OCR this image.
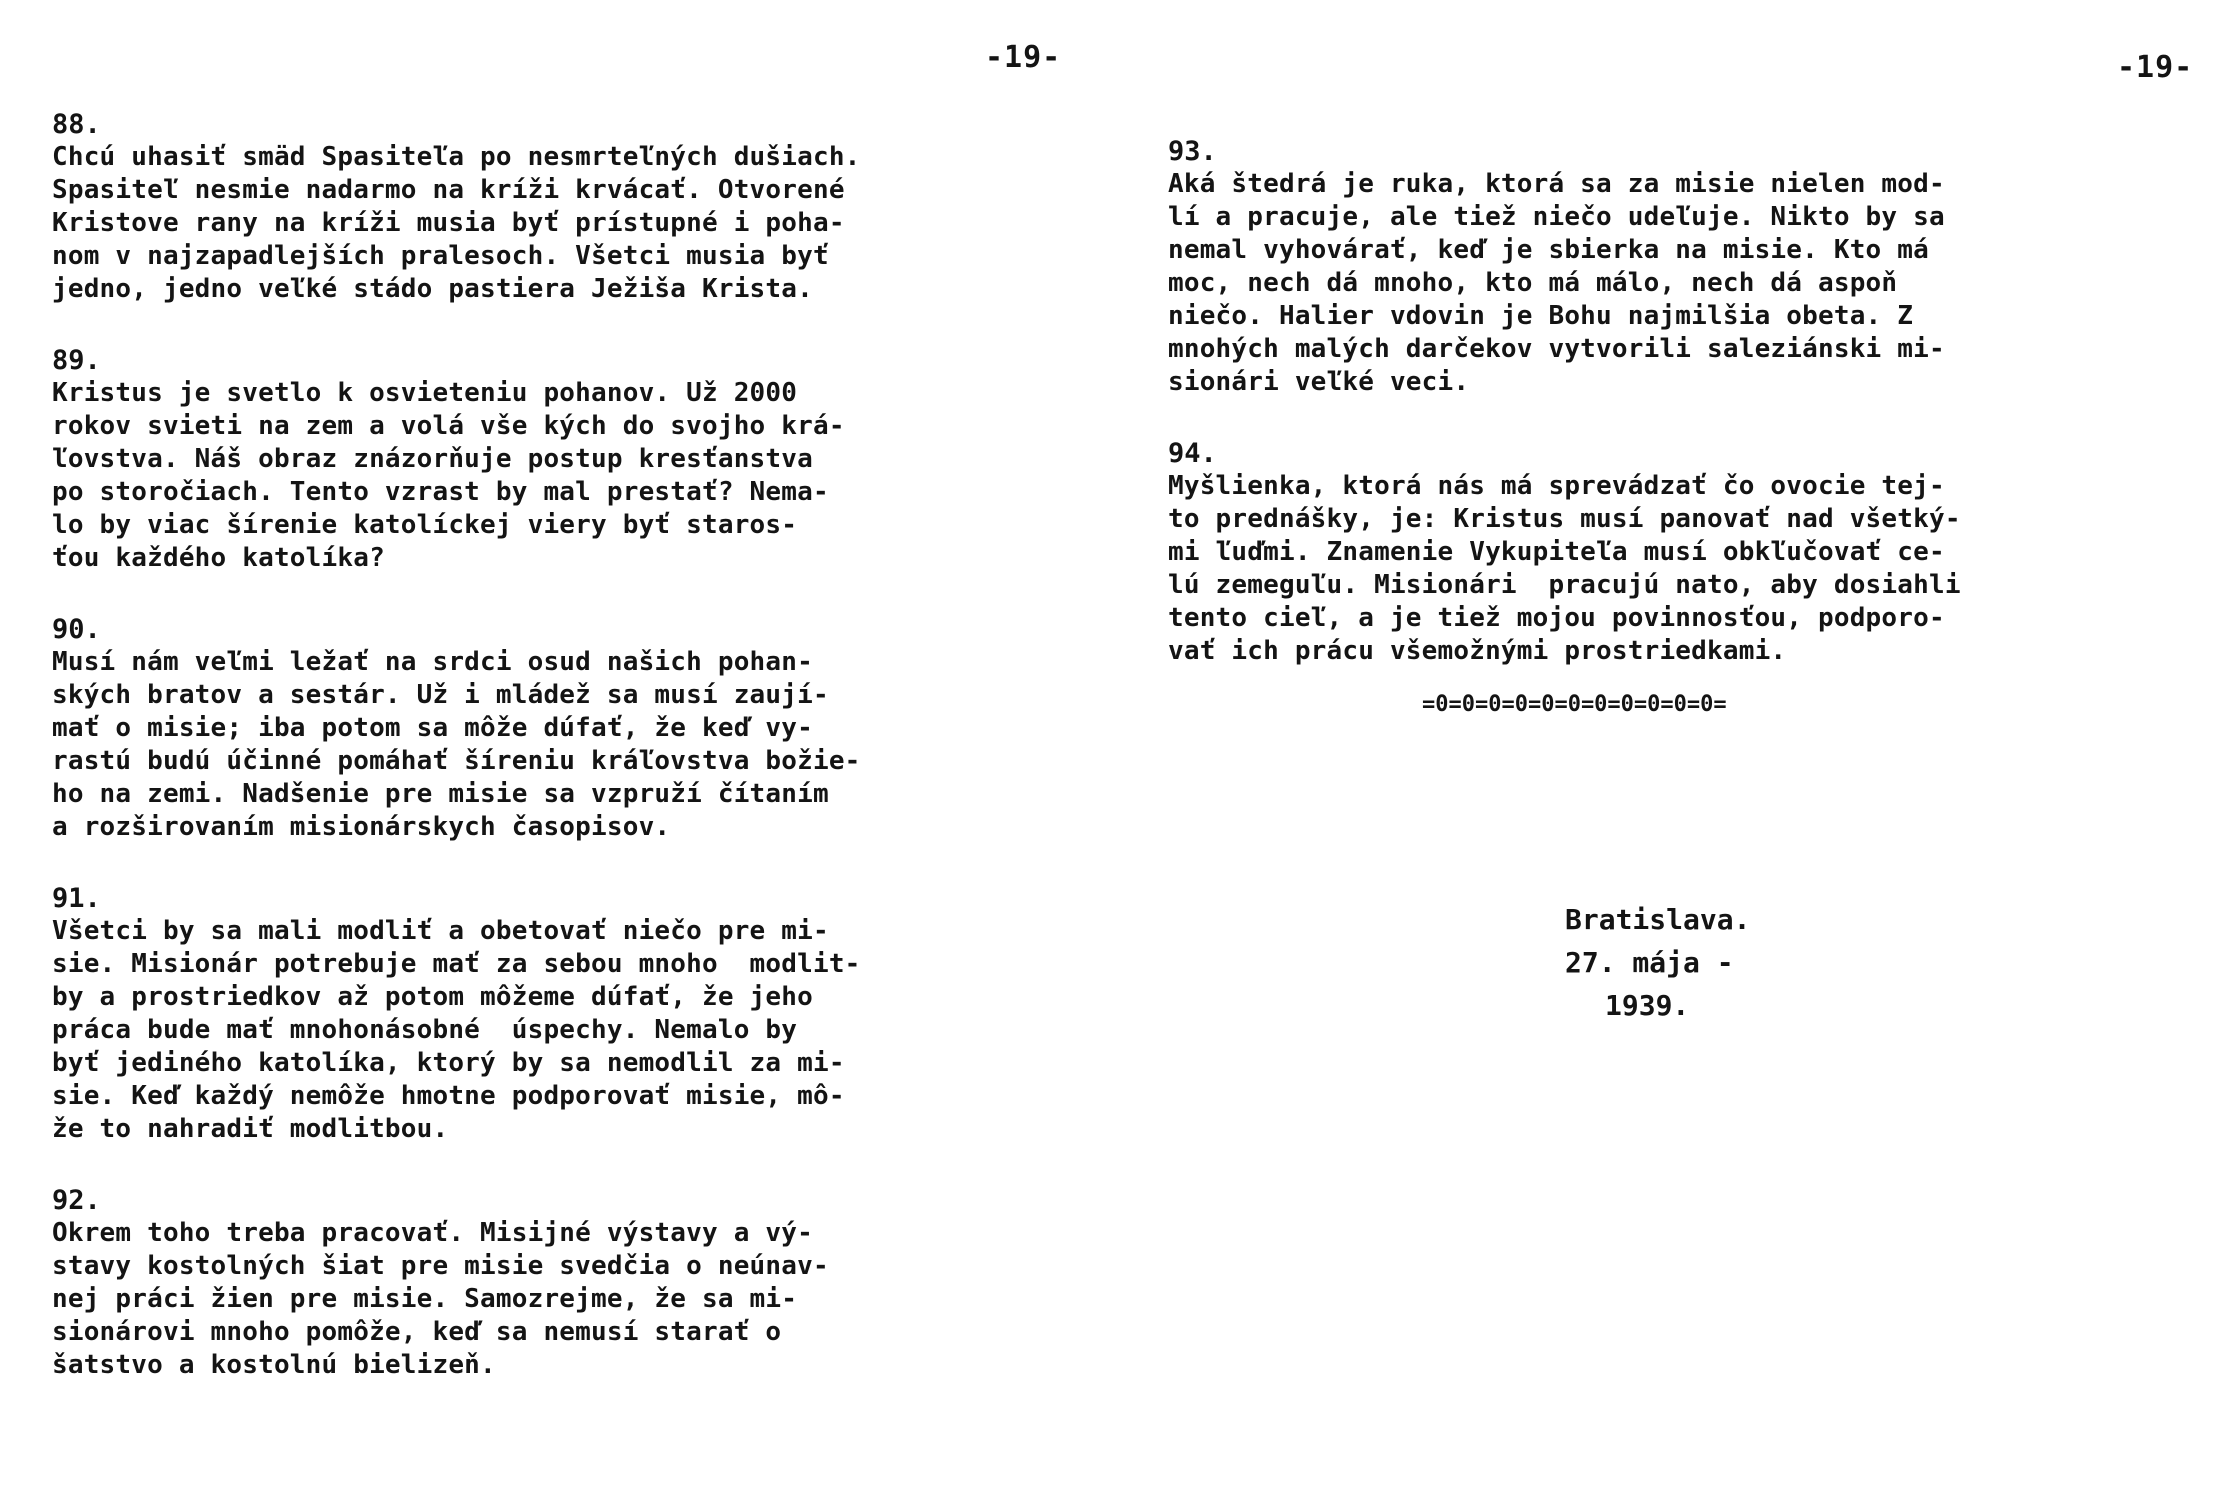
-19-
88.
Chcú uhasiť smäd Spasiteľa po nesmrteľných dušiach.
Spasiteľ nesmie nadarmo na kríži krvácať. Otvorené
Kristove rany na kríži musia byť prístupné i poha-
nom v najzapadlejších pralesoch. Všetci musia byť
jedno, jedno veľké stádo pastiera Ježiša Krista.
89.
Kristus je svetlo k osvieteniu pohanov. Už 2000
rokov svieti na zem a volá vše kých do svojho krá-
ľovstva. Náš obraz znázorňuje postup kresťanstva
po storočiach. Tento vzrast by mal prestať? Nema-
lo by viac šírenie katolíckej viery byť staros-
ťou každého katolíka?
90.
Musí nám veľmi ležať na srdci osud našich pohan-
ských bratov a sestár. Už i mládež sa musí zaují-
mať o misie; iba potom sa môže dúfať, že keď vy-
rastú budú účinné pomáhať šíreniu kráľovstva božie-
ho na zemi. Nadšenie pre misie sa vzpruží čítaním
a rozširovaním misionárskych časopisov.
91.
Všetci by sa mali modliť a obetovať niečo pre mi-
sie. Misionár potrebuje mať za sebou mnoho  modlit-
by a prostriedkov až potom môžeme dúfať, že jeho
práca bude mať mnohonásobné  úspechy. Nemalo by
byť jediného katolíka, ktorý by sa nemodlil za mi-
sie. Keď každý nemôže hmotne podporovať misie, mô-
že to nahradiť modlitbou.
92.
Okrem toho treba pracovať. Misijné výstavy a vý-
stavy kostolných šiat pre misie svedčia o neúnav-
nej práci žien pre misie. Samozrejme, že sa mi-
sionárovi mnoho pomôže, keď sa nemusí starať o
šatstvo a kostolnú bielizeň.
-19-
93.
Aká štedrá je ruka, ktorá sa za misie nielen mod-
lí a pracuje, ale tiež niečo udeľuje. Nikto by sa
nemal vyhovárať, keď je sbierka na misie. Kto má
moc, nech dá mnoho, kto má málo, nech dá aspoň
niečo. Halier vdovin je Bohu najmilšia obeta. Z
mnohých malých darčekov vytvorili saleziánski mi-
sionári veľké veci.
94.
Myšlienka, ktorá nás má sprevádzať čo ovocie tej-
to prednášky, je: Kristus musí panovať nad všetký-
mi ľuďmi. Znamenie Vykupiteľa musí obkľučovať ce-
lú zemeguľu. Misionári  pracujú nato, aby dosiahli
tento cieľ, a je tiež mojou povinnosťou, podporo-
vať ich prácu všemožnými prostriedkami.
=0=0=0=0=0=0=0=0=0=0=0=
Bratislava.
27. mája -
1939.
